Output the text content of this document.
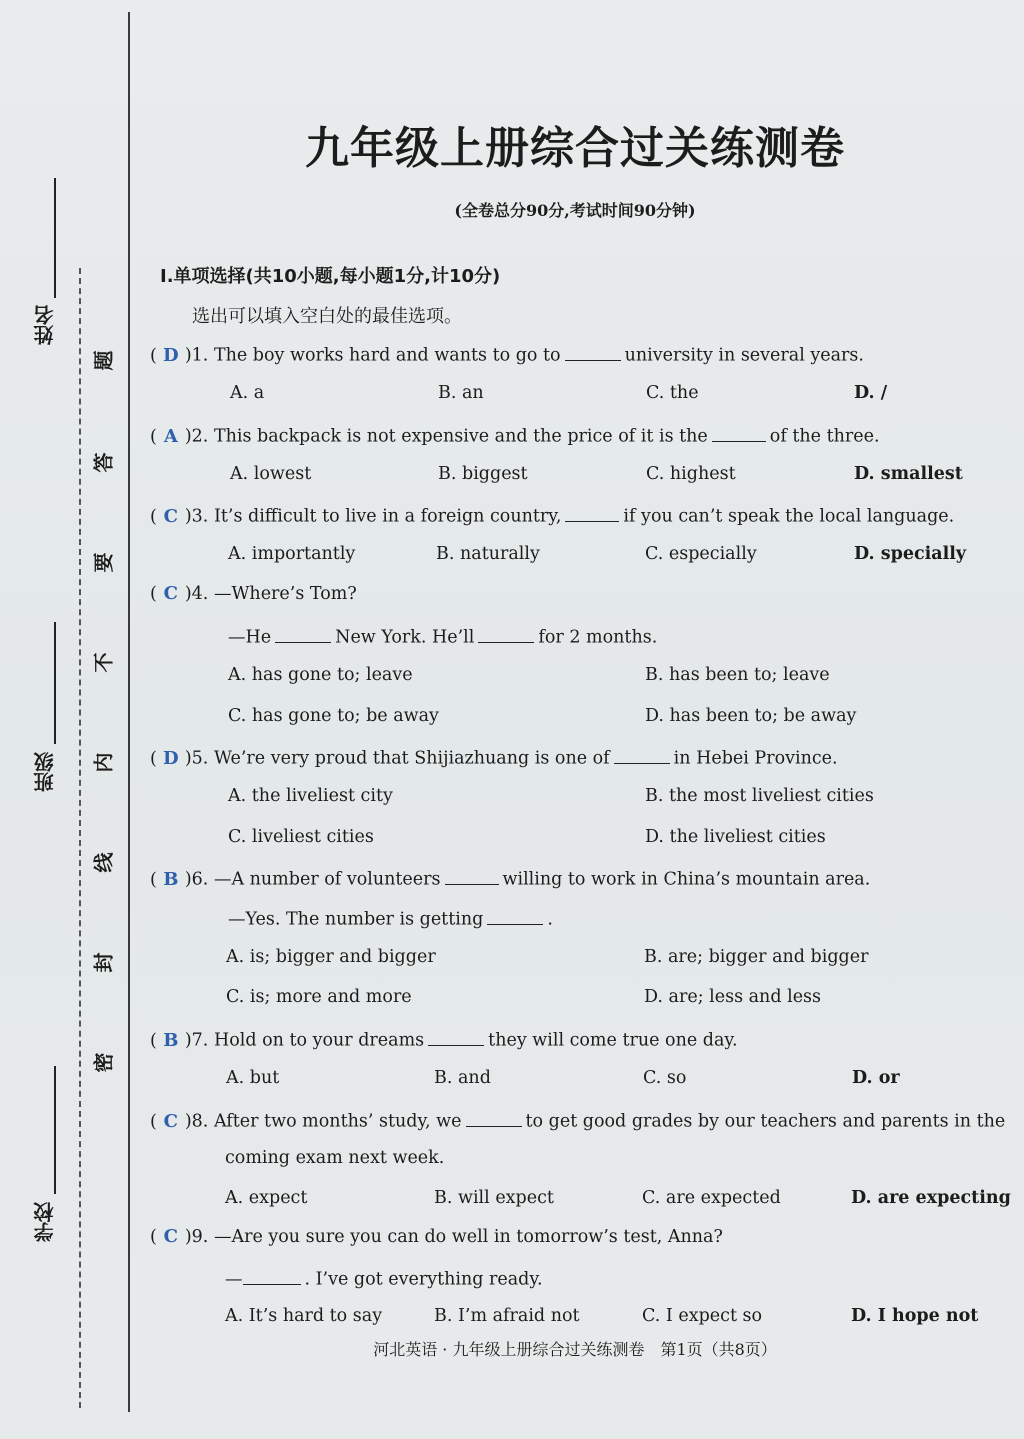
姓名
班级
学校
题
答
要
不
内
线
封
密
九年级上册综合过关练测卷
(全卷总分90分,考试时间90分钟)
Ⅰ.单项选择(共10小题,每小题1分,计10分)
选出可以填入空白处的最佳选项。
( D )1. The boy works hard and wants to go to	university in several years.
A. a	B. an	C. the	D. /
( A )2. This backpack is not expensive and the price of it is the	of the three.
A. lowest	B. biggest	C. highest	D. smallest
( C )3. It’s difficult to live in a foreign country,	if you can’t speak the local language.
A. importantly	B. naturally	C. especially	D. specially
( C )4. —Where’s Tom?
—He	New York. He’ll	for 2 months.
A. has gone to; leave	B. has been to; leave
C. has gone to; be away	D. has been to; be away
( D )5. We’re very proud that Shijiazhuang is one of	in Hebei Province.
A. the liveliest city	B. the most liveliest cities
C. liveliest cities	D. the liveliest cities
( B )6. —A number of volunteers	willing to work in China’s mountain area.
—Yes. The number is getting	.
A. is; bigger and bigger	B. are; bigger and bigger
C. is; more and more	D. are; less and less
( B )7. Hold on to your dreams	they will come true one day.
A. but	B. and	C. so	D. or
( C )8. After two months’ study, we	to get good grades by our teachers and parents in the
coming exam next week.
A. expect	B. will expect	C. are expected	D. are expecting
( C )9. —Are you sure you can do well in tomorrow’s test, Anna?
—	. I’ve got everything ready.
A. It’s hard to say	B. I’m afraid not	C. I expect so	D. I hope not
河北英语 · 九年级上册综合过关练测卷　第1页（共8页）
